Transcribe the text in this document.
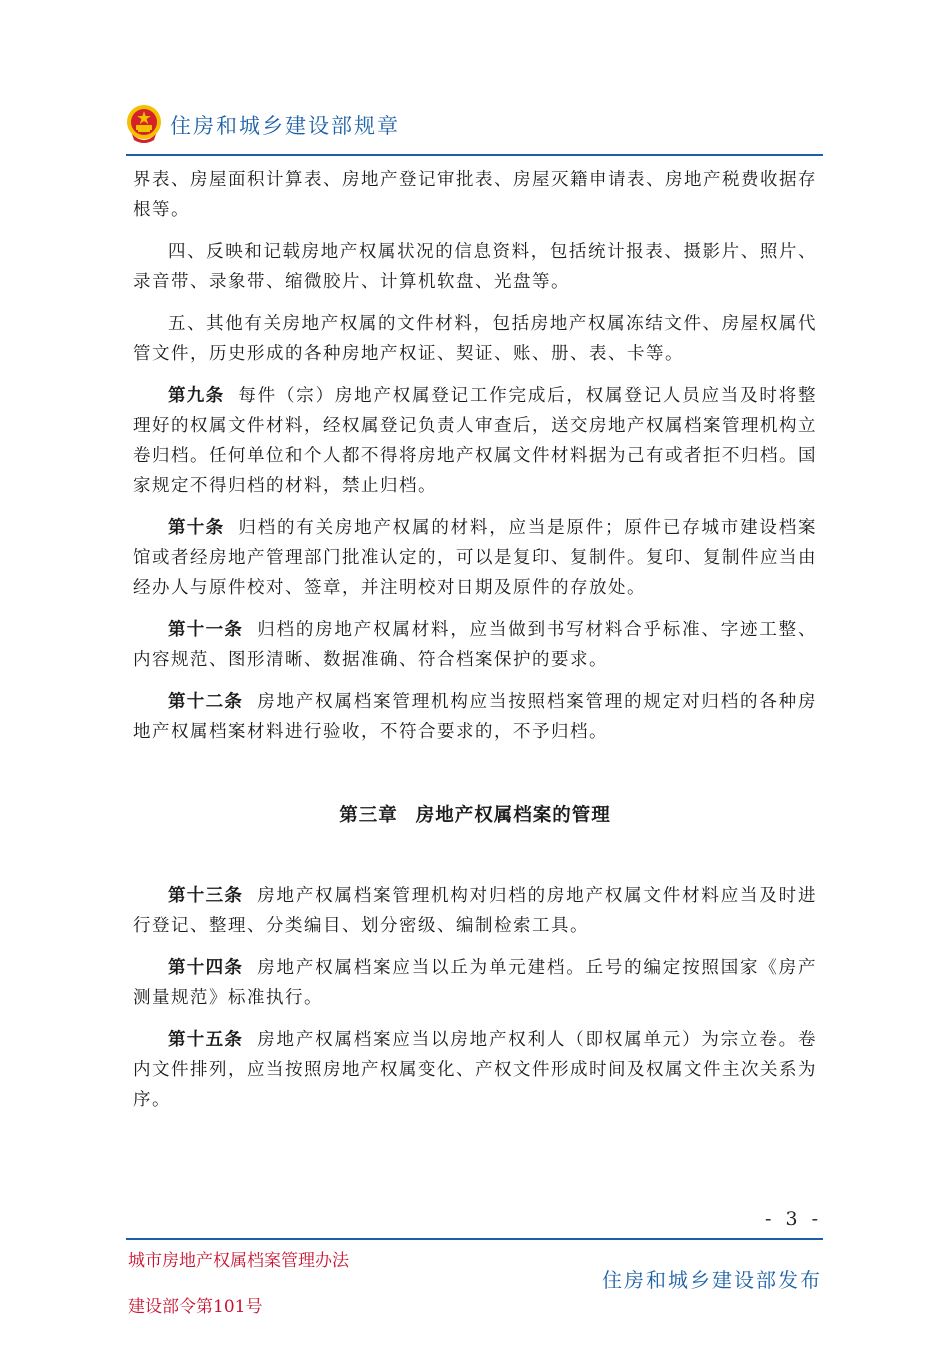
住房和城乡建设部规章

界表、房屋面积计算表、房地产登记审批表、房屋灭籍申请表、房地产税费收据存根等。

四、反映和记载房地产权属状况的信息资料，包括统计报表、摄影片、照片、录音带、录象带、缩微胶片、计算机软盘、光盘等。

五、其他有关房地产权属的文件材料，包括房地产权属冻结文件、房屋权属代管文件，历史形成的各种房地产权证、契证、账、册、表、卡等。

第九条 每件（宗）房地产权属登记工作完成后，权属登记人员应当及时将整理好的权属文件材料，经权属登记负责人审查后，送交房地产权属档案管理机构立卷归档。任何单位和个人都不得将房地产权属文件材料据为己有或者拒不归档。国家规定不得归档的材料，禁止归档。

第十条 归档的有关房地产权属的材料，应当是原件；原件已存城市建设档案馆或者经房地产管理部门批准认定的，可以是复印、复制件。复印、复制件应当由经办人与原件校对、签章，并注明校对日期及原件的存放处。

第十一条 归档的房地产权属材料，应当做到书写材料合乎标准、字迹工整、内容规范、图形清晰、数据准确、符合档案保护的要求。

第十二条 房地产权属档案管理机构应当按照档案管理的规定对归档的各种房地产权属档案材料进行验收，不符合要求的，不予归档。

第三章 房地产权属档案的管理

第十三条 房地产权属档案管理机构对归档的房地产权属文件材料应当及时进行登记、整理、分类编目、划分密级、编制检索工具。

第十四条 房地产权属档案应当以丘为单元建档。丘号的编定按照国家《房产测量规范》标准执行。

第十五条 房地产权属档案应当以房地产权利人（即权属单元）为宗立卷。卷内文件排列，应当按照房地产权属变化、产权文件形成时间及权属文件主次关系为序。

- 3 -
城市房地产权属档案管理办法
建设部令第101号
住房和城乡建设部发布
